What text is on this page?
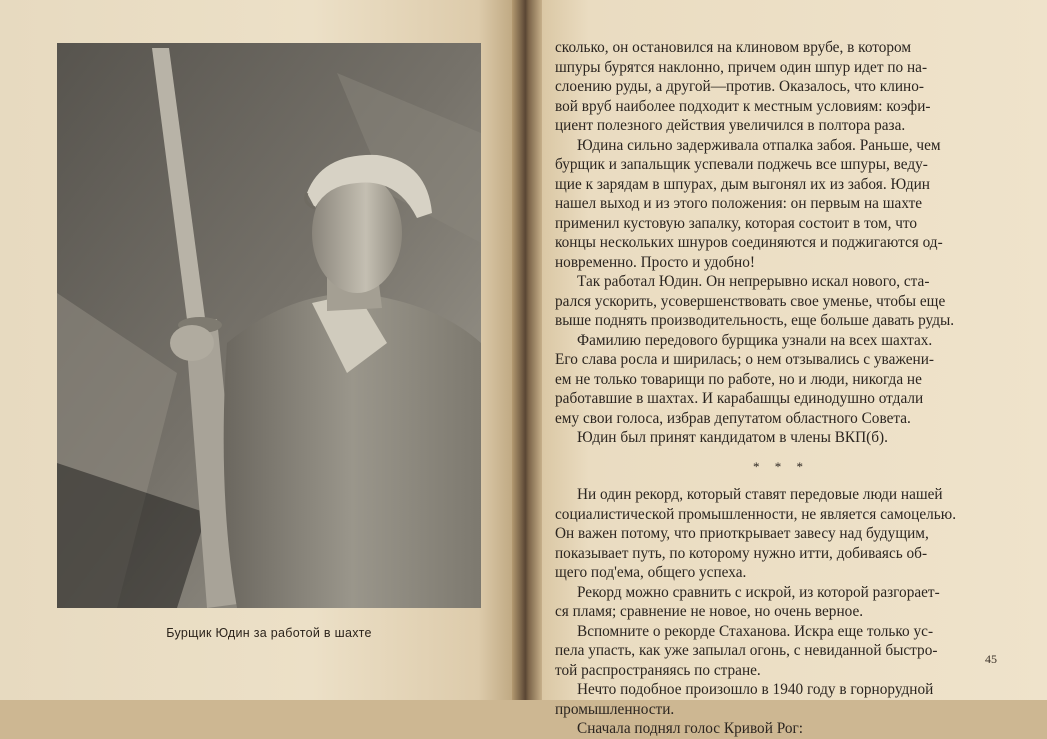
Бурщик Юдин за работой в шахте
сколько, он остановился на клиновом врубе, в котором
шпуры бурятся наклонно, причем один шпур идет по на-
слоению руды, а другой—против. Оказалось, что клино-
вой вруб наиболее подходит к местным условиям: коэфи-
циент полезного действия увеличился в полтора раза.
Юдина сильно задерживала отпалка забоя. Раньше, чем
бурщик и запальщик успевали поджечь все шпуры, веду-
щие к зарядам в шпурах, дым выгонял их из забоя. Юдин
нашел выход и из этого положения: он первым на шахте
применил кустовую запалку, которая состоит в том, что
концы нескольких шнуров соединяются и поджигаются од-
новременно. Просто и удобно!
Так работал Юдин. Он непрерывно искал нового, ста-
рался ускорить, усовершенствовать свое уменье, чтобы еще
выше поднять производительность, еще больше давать руды.
Фамилию передового бурщика узнали на всех шахтах.
Его слава росла и ширилась; о нем отзывались с уважени-
ем не только товарищи по работе, но и люди, никогда не
работавшие в шахтах. И карабашцы единодушно отдали
ему свои голоса, избрав депутатом областного Совета.
Юдин был принят кандидатом в члены ВКП(б).
* * *
Ни один рекорд, который ставят передовые люди нашей
социалистической промышленности, не является самоцелью.
Он важен потому, что приоткрывает завесу над будущим,
показывает путь, по которому нужно итти, добиваясь об-
щего под'ема, общего успеха.
Рекорд можно сравнить с искрой, из которой разгорает-
ся пламя; сравнение не новое, но очень верное.
Вспомните о рекорде Стаханова. Искра еще только ус-
пела упасть, как уже запылал огонь, с невиданной быстро-
той распространяясь по стране.
Нечто подобное произошло в 1940 году в горнорудной
промышленности.
Сначала поднял голос Кривой Рог:
45
